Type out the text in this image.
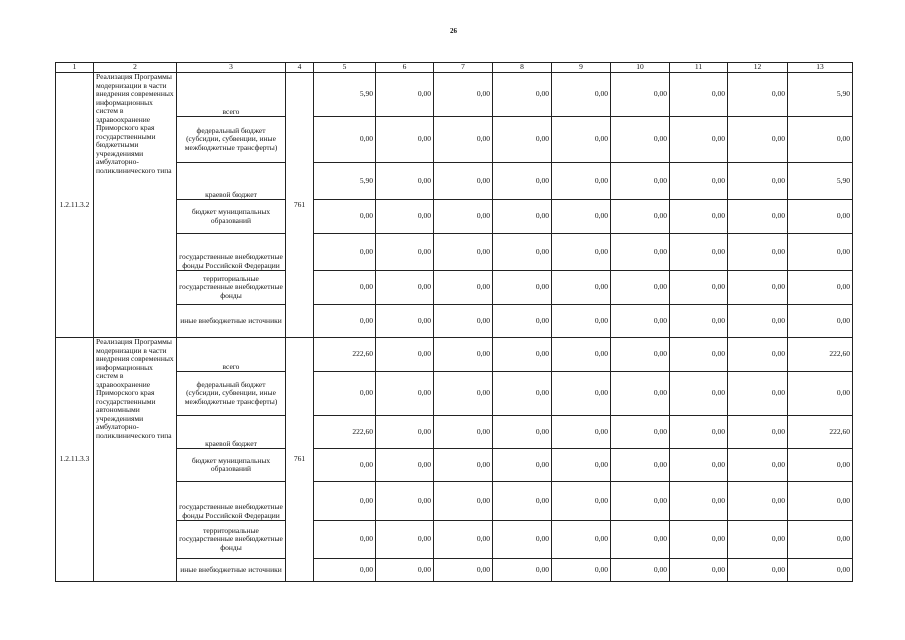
26
1	2	3	4	5	6	7	8	9	10	11	12	13
1.2.11.3.2	Реализация Программы модернизации в части внедрения современных информационных систем в здравоохранение Приморского края государственными бюджетными учреждениями амбулаторно-поликлинического типа	всего	761	5,90	0,00	0,00	0,00	0,00	0,00	0,00	0,00	5,90
		федеральный бюджет (субсидии, субвенции, иные межбюджетные трансферты)		0,00	0,00	0,00	0,00	0,00	0,00	0,00	0,00	0,00
		краевой бюджет		5,90	0,00	0,00	0,00	0,00	0,00	0,00	0,00	5,90
		бюджет муниципальных образований		0,00	0,00	0,00	0,00	0,00	0,00	0,00	0,00	0,00
		государственные внебюджетные фонды Российской Федерации		0,00	0,00	0,00	0,00	0,00	0,00	0,00	0,00	0,00
		территориальные государственные внебюджетные фонды		0,00	0,00	0,00	0,00	0,00	0,00	0,00	0,00	0,00
		иные внебюджетные источники		0,00	0,00	0,00	0,00	0,00	0,00	0,00	0,00	0,00
1.2.11.3.3	Реализация Программы модернизации в части внедрения современных информационных систем в здравоохранение Приморского края государственными автономными учреждениями амбулаторно-поликлинического типа	всего	761	222,60	0,00	0,00	0,00	0,00	0,00	0,00	0,00	222,60
		федеральный бюджет (субсидии, субвенции, иные межбюджетные трансферты)		0,00	0,00	0,00	0,00	0,00	0,00	0,00	0,00	0,00
		краевой бюджет		222,60	0,00	0,00	0,00	0,00	0,00	0,00	0,00	222,60
		бюджет муниципальных образований		0,00	0,00	0,00	0,00	0,00	0,00	0,00	0,00	0,00
		государственные внебюджетные фонды Российской Федерации		0,00	0,00	0,00	0,00	0,00	0,00	0,00	0,00	0,00
		территориальные государственные внебюджетные фонды		0,00	0,00	0,00	0,00	0,00	0,00	0,00	0,00	0,00
		иные внебюджетные источники		0,00	0,00	0,00	0,00	0,00	0,00	0,00	0,00	0,00
